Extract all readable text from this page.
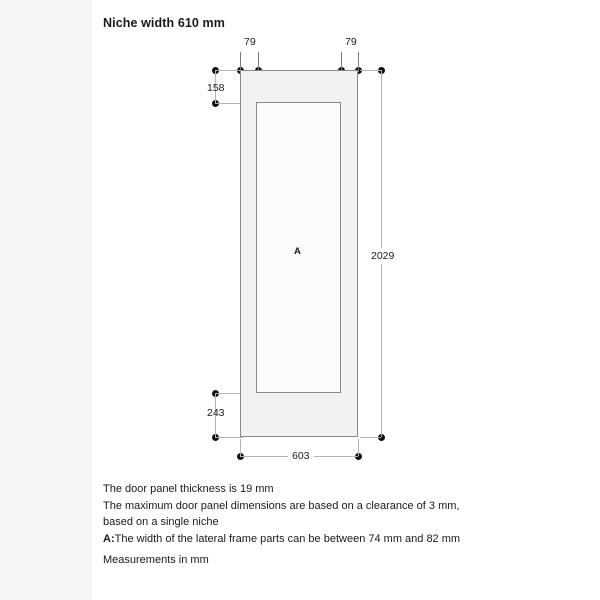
Niche width 610 mm
79	79
158
243
2029
603
A
The door panel thickness is 19 mm
The maximum door panel dimensions are based on a clearance of 3 mm,
based on a single niche
A:The width of the lateral frame parts can be between 74 mm and 82 mm
Measurements in mm
